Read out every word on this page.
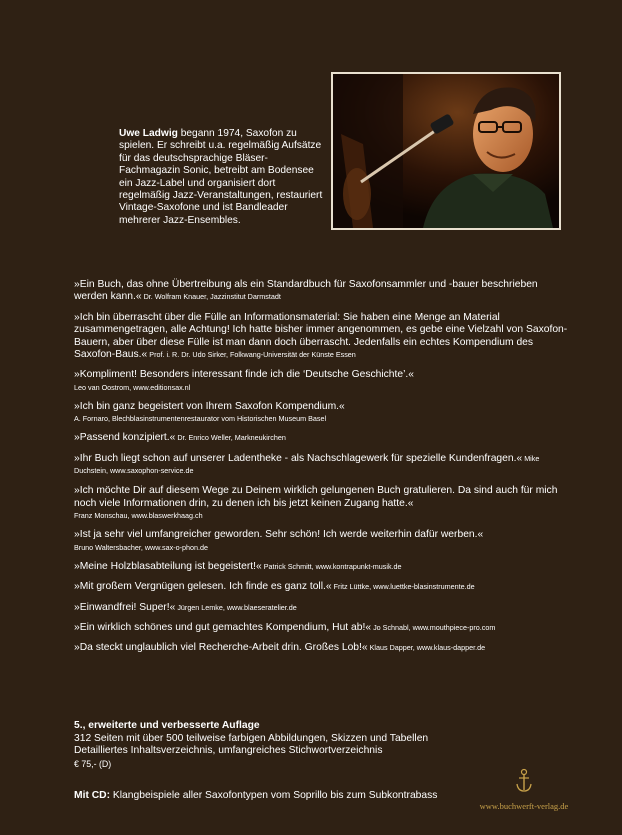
Uwe Ladwig begann 1974, Saxofon zu spielen. Er schreibt u.a. regelmäßig Aufsätze für das deutschsprachige Bläser-Fachmagazin Sonic, betreibt am Bodensee ein Jazz-Label und organisiert dort regelmäßig Jazz-Veranstaltungen, restauriert Vintage-Saxofone und ist Bandleader mehrerer Jazz-Ensembles.
»Ein Buch, das ohne Übertreibung als ein Standardbuch für Saxofonsammler und -bauer beschrieben werden kann.« Dr. Wolfram Knauer, Jazzinstitut Darmstadt
»Ich bin überrascht über die Fülle an Informationsmaterial: Sie haben eine Menge an Material zusammengetragen, alle Achtung! Ich hatte bisher immer angenommen, es gebe eine Vielzahl von Saxofon-Bauern, aber über diese Fülle ist man dann doch überrascht. Jedenfalls ein echtes Kompendium des Saxofon-Baus.« Prof. i. R. Dr. Udo Sirker, Folkwang-Universität der Künste Essen
»Kompliment! Besonders interessant finde ich die ‘Deutsche Geschichte’.«
Leo van Oostrom, www.editionsax.nl
»Ich bin ganz begeistert von Ihrem Saxofon Kompendium.«
A. Fornaro, Blechblasinstrumentenrestaurator vom Historischen Museum Basel
»Passend konzipiert.« Dr. Enrico Weller, Markneukirchen
»Ihr Buch liegt schon auf unserer Ladentheke - als Nachschlagewerk für spezielle Kundenfragen.« Mike Duchstein, www.saxophon-service.de
»Ich möchte Dir auf diesem Wege zu Deinem wirklich gelungenen Buch gratulieren. Da sind auch für mich noch viele Informationen drin, zu denen ich bis jetzt keinen Zugang hatte.«
Franz Monschau, www.blaswerkhaag.ch
»Ist ja sehr viel umfangreicher geworden. Sehr schön! Ich werde weiterhin dafür werben.«
Bruno Waltersbacher, www.sax-o-phon.de
»Meine Holzblasabteilung ist begeistert!« Patrick Schmitt, www.kontrapunkt-musik.de
»Mit großem Vergnügen gelesen. Ich finde es ganz toll.« Fritz Lüttke, www.luettke-blasinstrumente.de
»Einwandfrei! Super!« Jürgen Lemke, www.blaeseratelier.de
»Ein wirklich schönes und gut gemachtes Kompendium, Hut ab!« Jo Schnabl, www.mouthpiece-pro.com
»Da steckt unglaublich viel Recherche-Arbeit drin. Großes Lob!« Klaus Dapper, www.klaus-dapper.de
5., erweiterte und verbesserte Auflage
312 Seiten mit über 500 teilweise farbigen Abbildungen, Skizzen und Tabellen
Detailliertes Inhaltsverzeichnis, umfangreiches Stichwortverzeichnis
€ 75,- (D)
Mit CD: Klangbeispiele aller Saxofontypen vom Soprillo bis zum Subkontrabass
www.buchwerft-verlag.de
